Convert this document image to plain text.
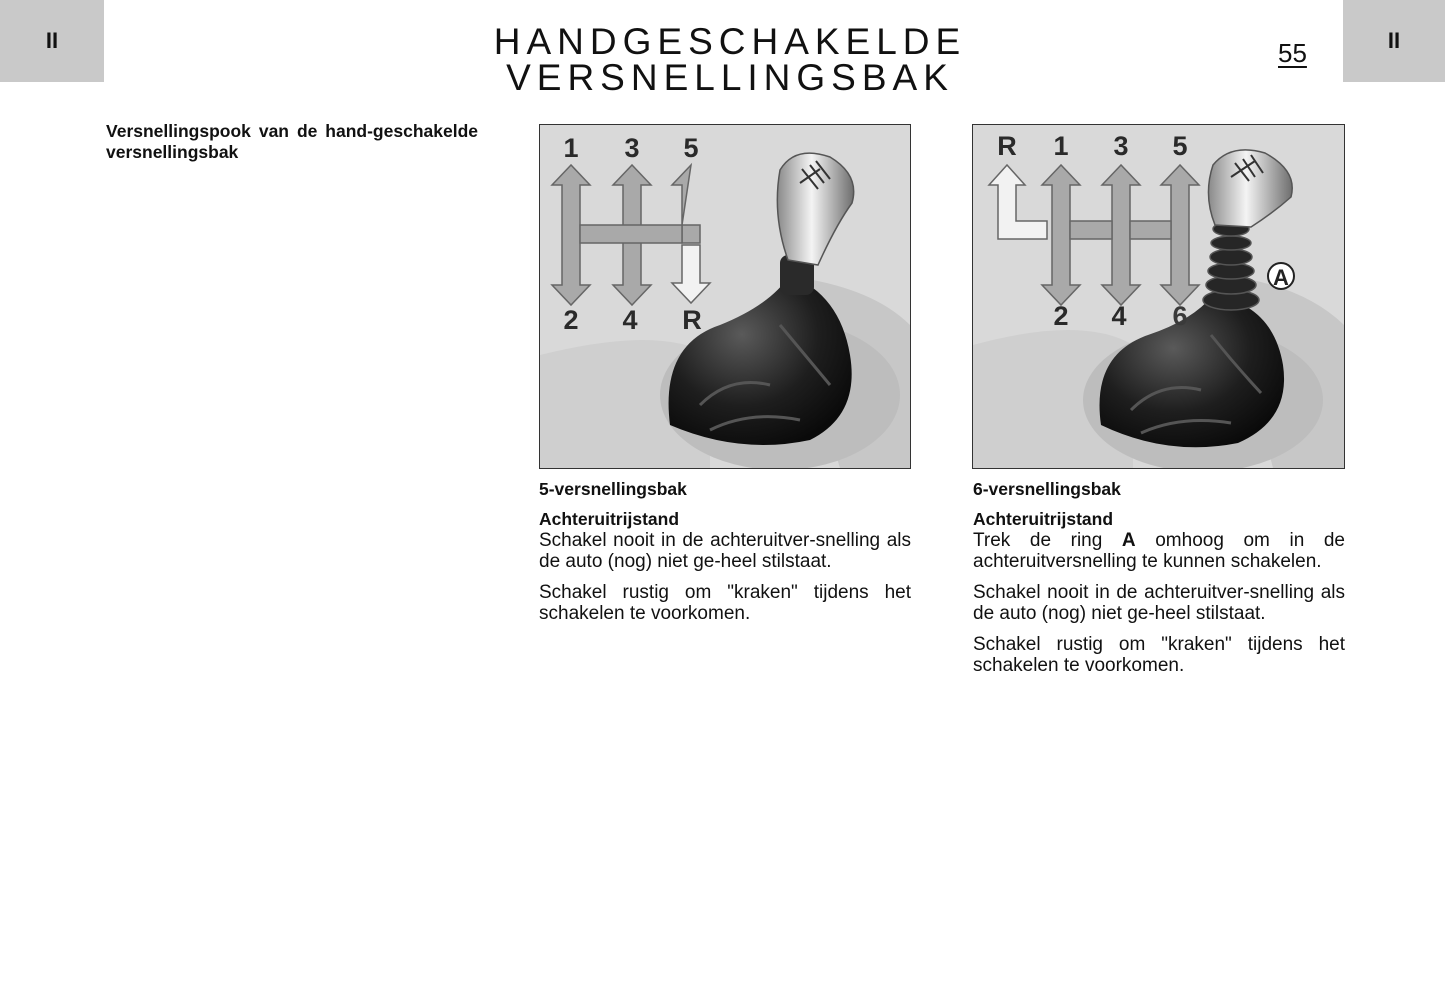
II	II
HANDGESCHAKELDE
VERSNELLINGSBAK
55
Versnellingspook van de hand-geschakelde versnellingsbak	1 3 5
2 4 R
A
R 1 3 5
2 4 6
5-versnellingsbak
Achteruitrijstand

Schakel nooit in de achteruitver-snelling als de auto (nog) niet ge-heel stilstaat.

Schakel rustig om "kraken" tijdens het schakelen te voorkomen.

6-versnellingsbak
Achteruitrijstand

Trek de ring A omhoog om in de achteruitversnelling te kunnen schakelen.

Schakel nooit in de achteruitver-snelling als de auto (nog) niet ge-heel stilstaat.

Schakel rustig om "kraken" tijdens het schakelen te voorkomen.
